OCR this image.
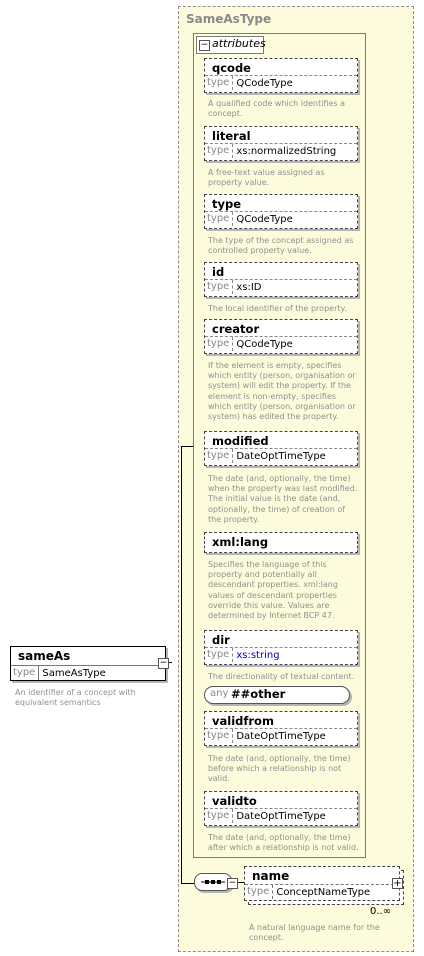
SameAsType
− attributes
qcode
type QCodeType
A qualified code which identifies a concept.
literal
type xs:normalizedString
A free-text value assigned as property value.
type
type QCodeType
The type of the concept assigned as controlled property value.
id
type xs:ID
The local identifier of the property.
creator
type QCodeType
If the element is empty, specifies which entity (person, organisation or system) will edit the property. If the element is non-empty, specifies which entity (person, organisation or system) has edited the property.
modified
type DateOptTimeType
The date (and, optionally, the time) when the property was last modified. The initial value is the date (and, optionally, the time) of creation of the property.
xml:lang
Specifies the language of this property and potentially all descendant properties. xml:lang values of descendant properties override this value. Values are determined by Internet BCP 47.
dir
type xs:string
The directionality of textual content.
any ##other
validfrom
type DateOptTimeType
The date (and, optionally, the time) before which a relationship is not valid.
validto
type DateOptTimeType
The date (and, optionally, the time) after which a relationship is not valid.
sameAs
type SameAsType
−
An identifier of a concept with equivalent semantics
−	name
type ConceptNameType
+
0..∞
A natural language name for the concept.
